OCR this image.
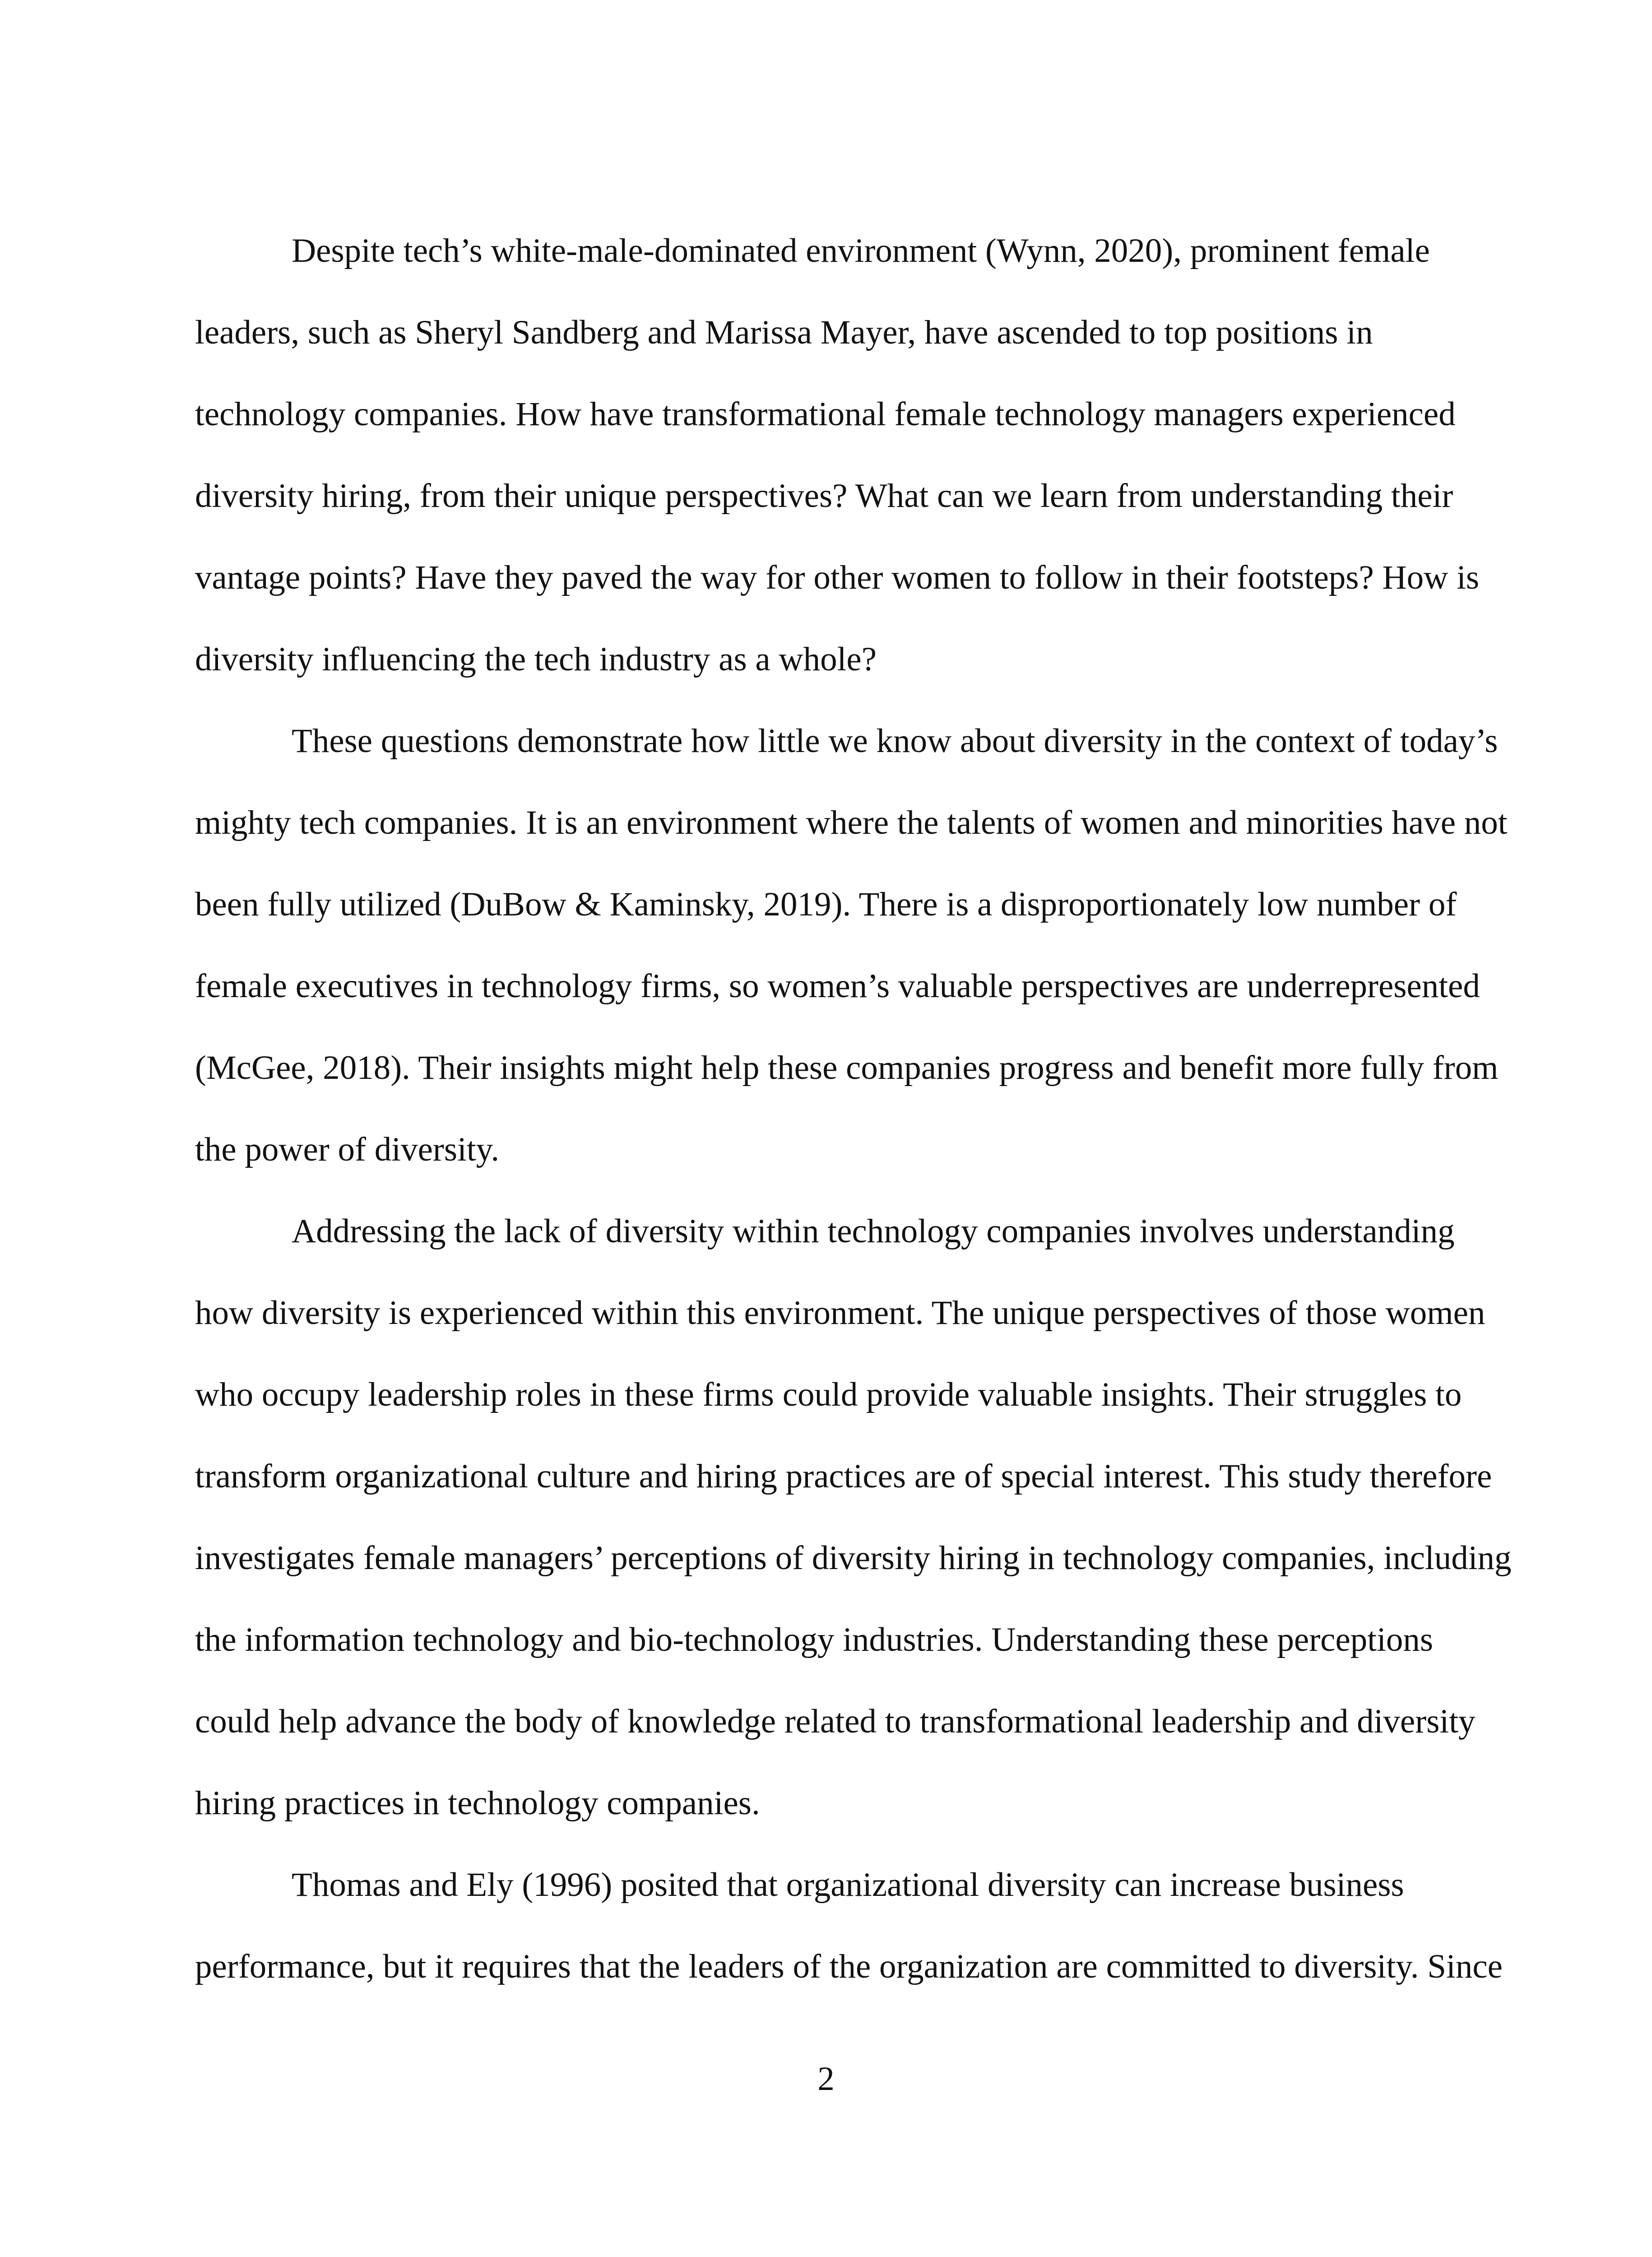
Despite tech’s white-male-dominated environment (Wynn, 2020), prominent female
leaders, such as Sheryl Sandberg and Marissa Mayer, have ascended to top positions in
technology companies. How have transformational female technology managers experienced
diversity hiring, from their unique perspectives? What can we learn from understanding their
vantage points? Have they paved the way for other women to follow in their footsteps? How is
diversity influencing the tech industry as a whole?
These questions demonstrate how little we know about diversity in the context of today’s
mighty tech companies. It is an environment where the talents of women and minorities have not
been fully utilized (DuBow & Kaminsky, 2019). There is a disproportionately low number of
female executives in technology firms, so women’s valuable perspectives are underrepresented
(McGee, 2018). Their insights might help these companies progress and benefit more fully from
the power of diversity.
Addressing the lack of diversity within technology companies involves understanding
how diversity is experienced within this environment. The unique perspectives of those women
who occupy leadership roles in these firms could provide valuable insights. Their struggles to
transform organizational culture and hiring practices are of special interest. This study therefore
investigates female managers’ perceptions of diversity hiring in technology companies, including
the information technology and bio-technology industries. Understanding these perceptions
could help advance the body of knowledge related to transformational leadership and diversity
hiring practices in technology companies.
Thomas and Ely (1996) posited that organizational diversity can increase business
performance, but it requires that the leaders of the organization are committed to diversity. Since
2
